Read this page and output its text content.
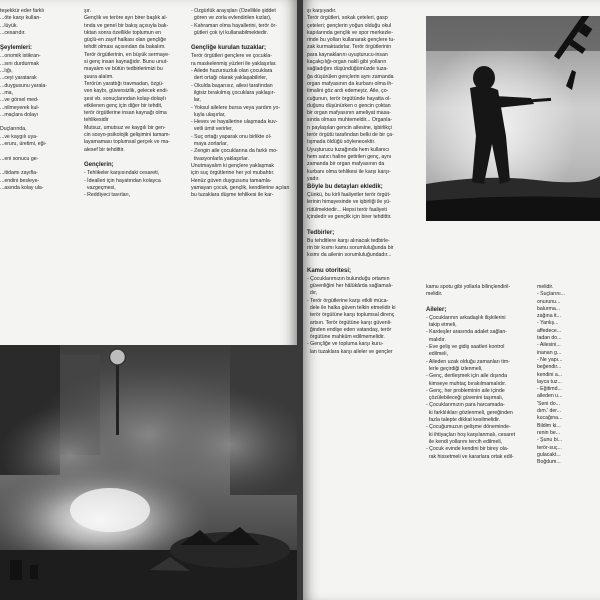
teşekkür eder farklı
...öte karşı kullan-
...lüyük.
...cesarıdır.

Şeylemleri:
...onomik istikran-
...sını durdurmak
...lığı,
...ceyi yaratarak
...duygusunu yarala-
...ma,
...ve görsel med-
...nilmeyerek kul-
...maçlara dolayı

Duçlarında,
...ve kaygılı uya-
...eruru, üretimi, eği-

...eni sonucu ge-

...itidamı zayıfla-
...endini besleye-
...asında kolay ula-
şır.
Gençlik ve teröre ayrı birer başlık al-
tında ve genel bir bakış açısıyla bak-
tıktan sonra özellikle toplumun en
güçlü-en zayıf halkası olan gençliğe
tehdit olması açısından da bakalım.
Terör örgütlerinin, en büyük sermaye-
si genç insan kaynağıdır. Bunu unut-
mayalım ve bütün tedbirlerimizi bu
şuura alalım.
Terörün yarattığı travmadan, özgü-
ven kaybı, güvensizlik, gelecek endi-
şesi vb. sonuçlarından kolay-dolaylı
etkilenen genç için diğer bir tehdit,
terör örgütlerine insan kaynağı olma
tehlikesidir
Mutsuz, umutsuz ve kaygılı bir gen-
cin sosyo-psikolojik gelişimini tamam-
layamaması toplumsal gerçek ve ma-
alesef bir tehdittir.

Gençlerin;
- Tehlikeler karşısındaki cesareti,
- İdealleri için hayatından kolayca
vazgeçmesi,
- Reddiyeci tavırları,
- Özgürlük arayışları (Özellikle şiddet
gören ve zorla evlendirilen kızlar),
- Kahraman olma hayallerini, terör ör-
gütleri çok iyi kullanabilmektedir.

Gençliğe kurulan tuzaklar;
Terör örgütleri gençlere ve çocukla-
ra maskelenmiş yüzleri ile yaklaşırlar.
- Ailede huzursuzluk olan çocuklara
dert ortağı olarak yaklaşabilirler,
- Okulda başarısız, ailesi tarafından
ilgisiz bırakılmış çocuklara yaklaşır-
lar,
- Yoksul ailelere bursa veya yardım yo-
luyla ulaşırlar,
- Heves ve hayallerine ulaşmada kuv-
vetli ümit verirler,
- Suç ortağı yaparak onu birlikte ol-
maya zorlarlar,
- Zengin aile çocuklarına da farklı mo-
tivasyonlarla yaklaşırlar.
Unutmayalım ki gençlere yaklaşmak
için suç örgütlerine her yol mubahtır.
Henüz güven duygusunu tamamla-
yamayan çocuk, gençlik, kendilerine açılan
bu tuzaklara düşme tehlikesi ile kar-
şı karşıyadır.
Terör örgütleri, sokak çeteleri, gasp
çeteleri; gençlerin yoğun olduğu okul
kapılarında gençlik ve spor merkezle-
rinde bu yolları kullanarak gençlere tu-
zak kurmaktadırlar. Terör örgütlerinin
para kaynaklarını uyuşturucu-insan
kaçakçılığı-organ nakli gibi yolların
sağladığını düşündüğümüzde tuza-
ğa düşürülen gençlerin aynı zamanda
organ mafyasının da kurbanı olma ih-
timalini göz ardı edemeyiz. Aile, ço-
cuğunun, terör örgütünde hayatta ol-
duğunu düşünürken o gencin çoktan
bir organ mafyasının ameliyat masa-
sında olması muhtemeldir... Organla-
rı paylaşılan gencin ailesine, işbirlikçi
terör örgütü tarafından belki de bir ça-
tışmada öldüğü söylenecektir.
Uyuşturucu tuzağında hem kullanıcı
hem satıcı haline getirilen genç, aynı
zamanda bir organ mafyasının da
kurbanı olma tehlikesi ile karşı karşı-
yadır.
Böyle bu detayları ekledik;
Çünkü, bu kirli faaliyetler terör örgüt-
lerinin himayesinde ve işbirliği ile yü-
rütülmektedir... Hepsi terör faaliyeti
içindedir ve gençlik için birer tehdittir.

Tedbirler;
Bu tehditlere karşı alınacak tedbirle-
rin bir kısmı kamu sorumluluğunda bir
kısmı da ailenin sorumluluğundadır...

Kamu otoritesi;
- Çocuklarımızın bulunduğu ortamın
güvenliğini her hâlükârda sağlamalı-
dır,
- Terör örgütlerine karşı etkili müca-
dele ile halka güven telkin etmelidir ki
terör örgütüne karşı toplumsal direnç
artsın. Terör örgütüne karşı güvenli-
ğinden endişe eden vatandaş, terör
örgütüne mahkûm edilmemelidir.
- Gençliğe ve topluma karşı kuru-
lan tuzaklara karşı aileler ve gençler
kamu spotu gibi yollarla bilinçlendiril-
melidir.

Aileler;
- Çocuklarının arkadaşlık ilişkilerini
takip etmeli,
- Kardeşler arasında adalet sağlan-
malıdır.
- Eve geliş ve gidiş saatleri kontrol
edilmeli,
- Aileden uzak olduğu zamanları tim-
lerle geçirdiği izlenmeli,
- Genç, dertleşmek için aile dışında
kimseye muhtaç bırakılmamalıdır.
- Genç, her probleminin aile içinde
çözülebileceği güvenini taşımalı,
- Çocuklarımızın para harcamada-
ki farklılıkları gözlenmeli, gereğinden
fazla talepte dikkat kesilmelidir.
- Çocuğumuzun gelişme döneminde-
ki ihtiyaçları hoş karşılanmalı, cesaret
ile kendi yollarını tercih edilmeli,
- Çocuk evinde kendini bir birey ola-
rak hissetmeli ve kararlara ortak edil-
melidir.
- Suçlarını...
onurunu...
balurma...
zağına it...
- Yanlış...
affedece...
tadan do...
- Ailesini...
inanan g...
- Ne yapı...
beğendir...
kendini a...
layca tuz...
- Eğitimd...
alleden u...
'Seni do...
dım.' der...
kucağına...
Bildim ki...
renin be...
- Şunu bi...
terör-suç...
gulacakt...
Boğdum...
